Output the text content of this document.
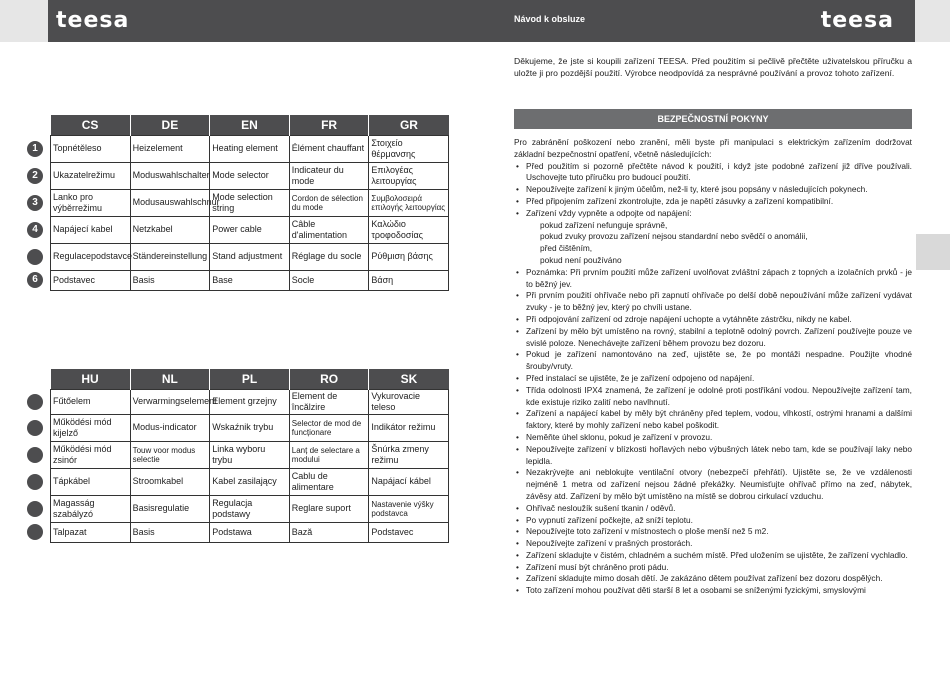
teesa	Návod k obsluze	teesa
1
2
3
4
6
CS	DE	EN	FR	GR
Topnétěleso	Heizelement	Heating element	Élément chauffant	Στοιχείο θέρμανσης
Ukazatelrežimu	Moduswahlschalter	Mode selector	Indicateur du mode	Επιλογέας λειτουργίας
Lanko pro výběrrežimu	Modusauswahlschnur	Mode selection string	Cordon de sélection du mode	Συμβολοσειρά επιλογής λειτουργίας
Napájecí kabel	Netzkabel	Power cable	Câble d'alimentation	Καλώδιο τροφοδοσίας
Regulacepodstavce	Ständereinstellung	Stand adjustment	Réglage du socle	Ρύθμιση βάσης
Podstavec	Basis	Base	Socle	Βάση
HU	NL	PL	RO	SK
Fűtőelem	Verwarmingselement	Element grzejny	Element de încălzire	Vykurovacie teleso
Működési mód kijelző	Modus-indicator	Wskaźnik trybu	Selector de mod de funcționare	Indikátor režimu
Működési mód zsinór	Touw voor modus selectie	Linka wyboru trybu	Lanț de selectare a modului	Šnúrka zmeny režimu
Tápkábel	Stroomkabel	Kabel zasilający	Cablu de alimentare	Napájací kábel
Magasság szabályzó	Basisregulatie	Regulacja podstawy	Reglare suport	Nastavenie výšky podstavca
Talpazat	Basis	Podstawa	Bază	Podstavec
Děkujeme, že jste si koupili zařízení TEESA. Před použitím si pečlivě přečtěte uživatelskou příručku a uložte ji pro pozdější použití. Výrobce neodpovídá za nesprávné používání a provoz tohoto zařízení.
BEZPEČNOSTNÍ POKYNY

Pro zabránění poškození nebo zranění, měli byste při manipulaci s elektrickým zařízením dodržovat základní bezpečnostní opatření, včetně následujících:

• Před použitím si pozorně přečtěte návod k použití, i když jste podobné zařízení již dříve používali. Uschovejte tuto příručku pro budoucí použití.
• Nepoužívejte zařízení k jiným účelům, než-li ty, které jsou popsány v následujících pokynech.
• Před připojením zařízení zkontrolujte, zda je napětí zásuvky a zařízení kompatibilní.
• Zařízení vždy vypněte a odpojte od napájení:
pokud zařízení nefunguje správně,
pokud zvuky provozu zařízení nejsou standardní nebo svědčí o anomálii,
před čištěním,
pokud není používáno
• Poznámka: Při prvním použití může zařízení uvolňovat zvláštní zápach z topných a izolačních prvků - je to běžný jev.
• Při prvním použití ohřívače nebo při zapnutí ohřívače po delší době nepoužívání může zařízení vydávat zvuky - je to běžný jev, který po chvíli ustane.
• Při odpojování zařízení od zdroje napájení uchopte a vytáhněte zástrčku, nikdy ne kabel.
• Zařízení by mělo být umístěno na rovný, stabilní a teplotně odolný povrch. Zařízení používejte pouze ve svislé poloze. Nenechávejte zařízení během provozu bez dozoru.
• Pokud je zařízení namontováno na zeď, ujistěte se, že po montáži nespadne. Použijte vhodné šrouby/vruty.
• Před instalací se ujistěte, že je zařízení odpojeno od napájení.
• Třída odolnosti IPX4 znamená, že zařízení je odolné proti postříkání vodou. Nepoužívejte zařízení tam, kde existuje riziko zalití nebo navlhnutí.
• Zařízení a napájecí kabel by měly být chráněny před teplem, vodou, vlhkostí, ostrými hranami a dalšími faktory, které by mohly zařízení nebo kabel poškodit.
• Neměňte úhel sklonu, pokud je zařízení v provozu.
• Nepoužívejte zařízení v blízkosti hořlavých nebo výbušných látek nebo tam, kde se používají laky nebo lepidla.
• Nezakrývejte ani neblokujte ventilační otvory (nebezpečí přehřátí). Ujistěte se, že ve vzdálenosti nejméně 1 metra od zařízení nejsou žádné překážky. Neumisťujte ohřívač přímo na zeď, nábytek, závěsy atd. Zařízení by mělo být umístěno na místě se dobrou cirkulací vzduchu.
• Ohřívač nesloužík sušení tkanin / oděvů.
• Po vypnutí zařízení počkejte, až sníží teplotu.
• Nepoužívejte toto zařízení v místnostech o ploše menší než 5 m2.
• Nepoužívejte zařízení v prašných prostorách.
• Zařízení skladujte v čistém, chladném a suchém místě. Před uložením se ujistěte, že zařízení vychladlo.
• Zařízení musí být chráněno proti pádu.
• Zařízení skladujte mimo dosah dětí. Je zakázáno dětem používat zařízení bez dozoru dospělých.
• Toto zařízení mohou používat děti starší 8 let a osobami se sníženými fyzickými, smyslovými
